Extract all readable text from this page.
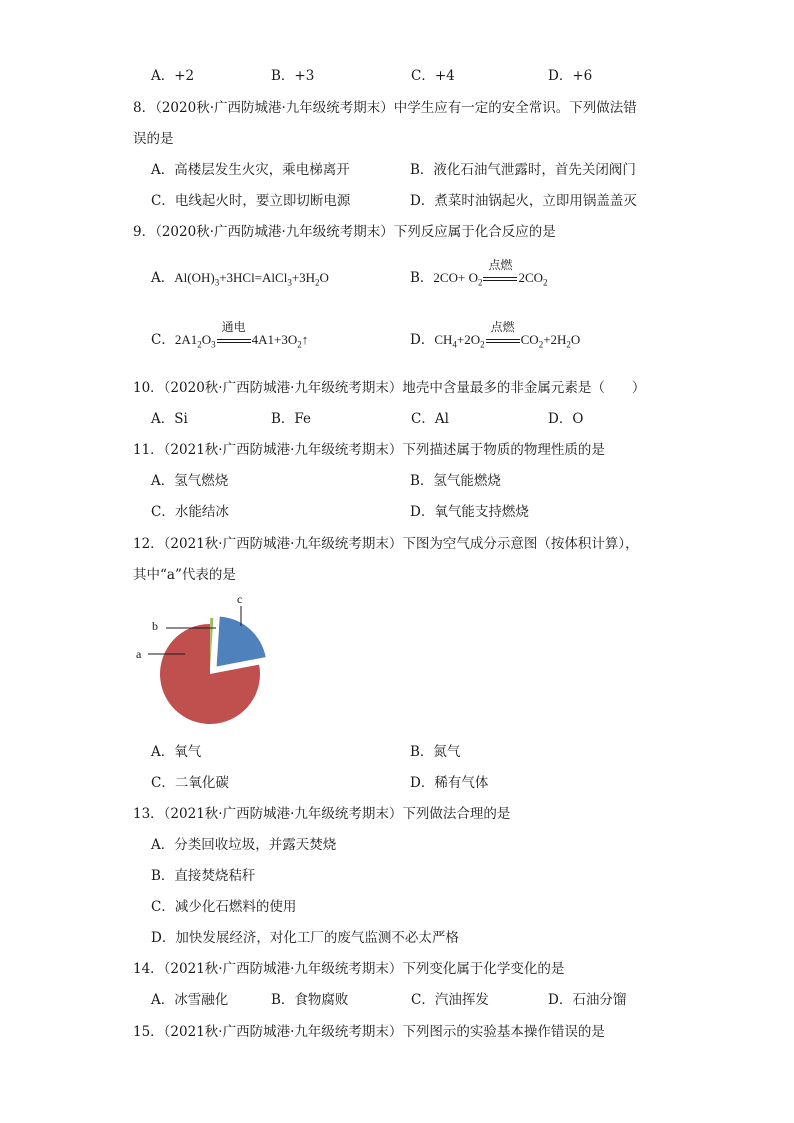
A．+2	B．+3	C．+4	D．+6
8．（2020秋·广西防城港·九年级统考期末）中学生应有一定的安全常识。下列做法错
误的是
A．高楼层发生火灾，乘电梯离开	B．液化石油气泄露时，首先关闭阀门
C．电线起火时，要立即切断电源	D．煮菜时油锅起火，立即用锅盖盖灭
9．（2020秋·广西防城港·九年级统考期末）下列反应属于化合反应的是
A．$Al(OH)_3+3HCl=AlCl_3+3H_2O$	B．$2CO+ O_2$
点燃
$2CO_2$
C．$2A1_2O_3$
通电
$4A1+3O_2↑$	D．$CH_4+2O_2$
点燃
$CO_2+2H_2O$
10．（2020秋·广西防城港·九年级统考期末）地壳中含量最多的非金属元素是（　　）
A．Si	B．Fe	C．Al	D．O
11．（2021秋·广西防城港·九年级统考期末）下列描述属于物质的物理性质的是
A．氢气燃烧	B．氢气能燃烧
C．水能结冰	D．氧气能支持燃烧
12．（2021秋·广西防城港·九年级统考期末）下图为空气成分示意图（按体积计算），
其中“a”代表的是
a
b
c
A．氧气	B．氮气
C．二氧化碳	D．稀有气体
13．（2021秋·广西防城港·九年级统考期末）下列做法合理的是
A．分类回收垃圾，并露天焚烧
B．直接焚烧秸秆
C．减少化石燃料的使用
D．加快发展经济，对化工厂的废气监测不必太严格
14．（2021秋·广西防城港·九年级统考期末）下列变化属于化学变化的是
A．冰雪融化	B．食物腐败	C．汽油挥发	D．石油分馏
15．（2021秋·广西防城港·九年级统考期末）下列图示的实验基本操作错误的是
